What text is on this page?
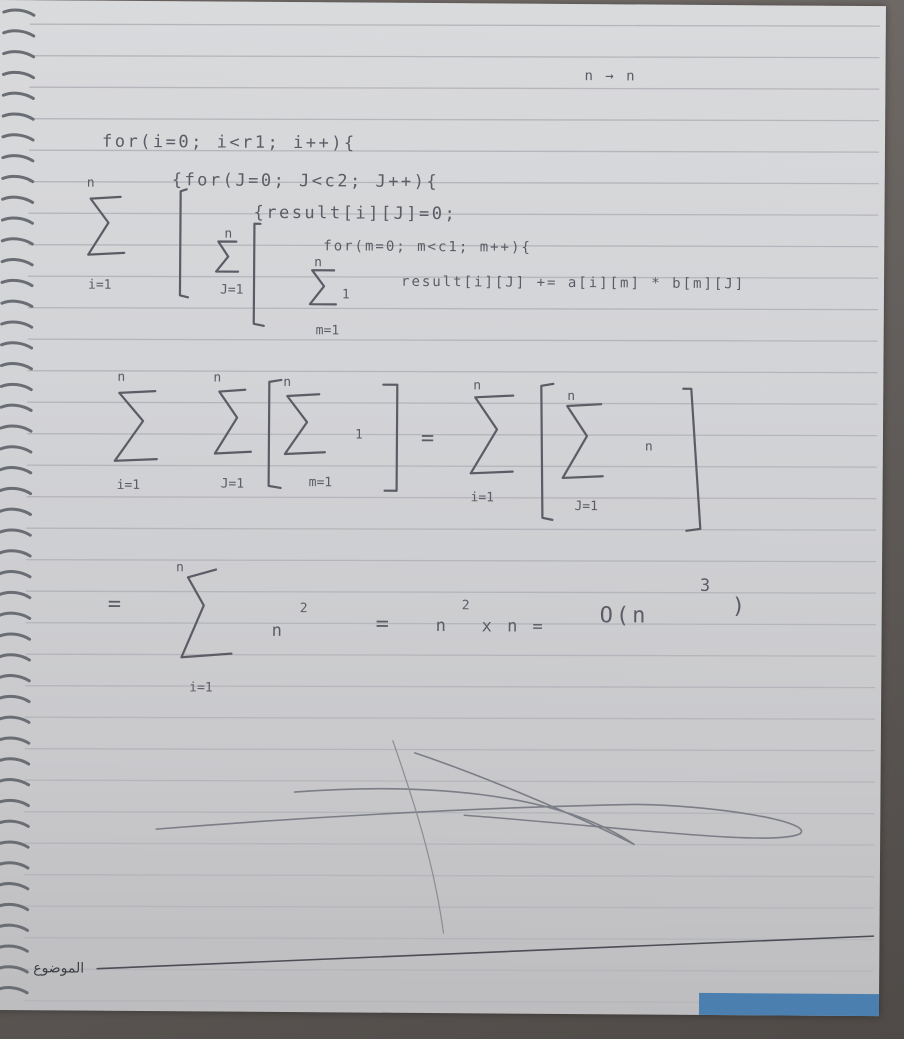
n → n
for(i=0; i<r1; i++){
{for(J=0; J<c2; J++){
{result[i][J]=0;
for(m=0; m<c1; m++){
result[i][J] += a[i][m] * b[m][J]
n
i=1
n
J=1
n
1
m=1
n
i=1
n
J=1
n
1
m=1
=
n
i=1
n
n
J=1
=
n
i=1
n
2
=	n
2
x n = O(n
3
)
الموضوع
